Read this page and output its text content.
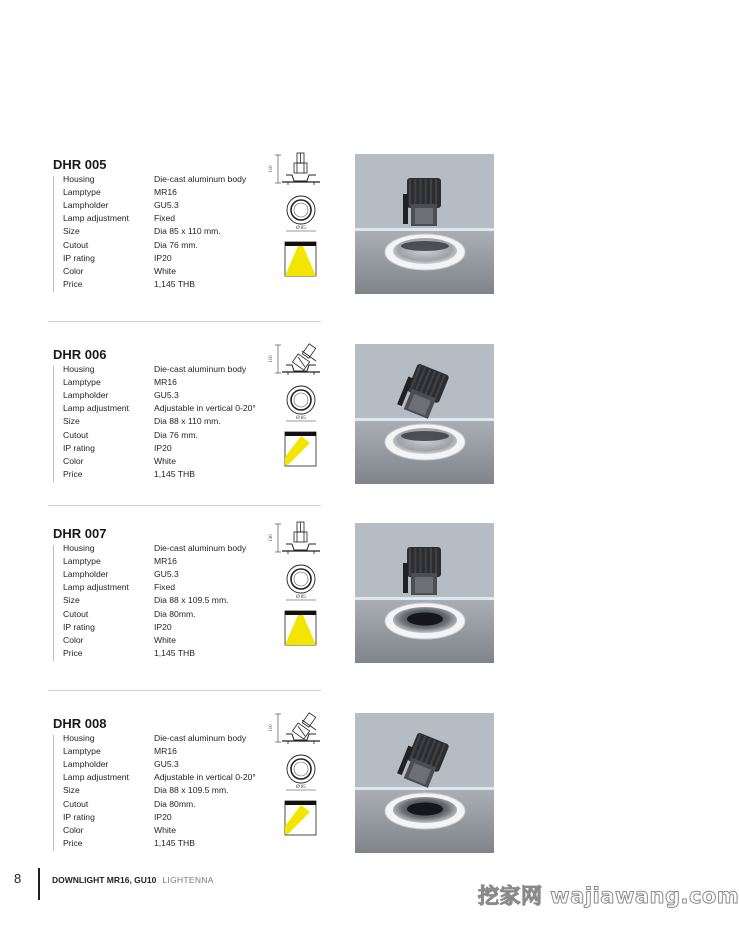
DHR 005
Housing	Die-cast aluminum body
Lamptype	MR16
Lampholder	GU5.3
Lamp adjustment	Fixed
Size	Dia 85 x 110 mm.
Cutout	Dia 76 mm.
IP rating	IP20
Color	White
Price	1,145 THB
110
Ø 85
DHR 006
Housing	Die-cast aluminum body
Lamptype	MR16
Lampholder	GU5.3
Lamp adjustment	Adjustable in vertical 0-20°
Size	Dia 88 x 110 mm.
Cutout	Dia 76 mm.
IP rating	IP20
Color	White
Price	1,145 THB
110
Ø 85
DHR 007
Housing	Die-cast aluminum body
Lamptype	MR16
Lampholder	GU5.3
Lamp adjustment	Fixed
Size	Dia 88 x 109.5 mm.
Cutout	Dia 80mm.
IP rating	IP20
Color	White
Price	1,145 THB
130
Ø 85
DHR 008
Housing	Die-cast aluminum body
Lamptype	MR16
Lampholder	GU5.3
Lamp adjustment	Adjustable in vertical 0-20°
Size	Dia 88 x 109.5 mm.
Cutout	Dia 80mm.
IP rating	IP20
Color	White
Price	1,145 THB
110
Ø 85
8	DOWNLIGHT MR16, GU10 LIGHTENNA
挖家网 wajiawang.com
